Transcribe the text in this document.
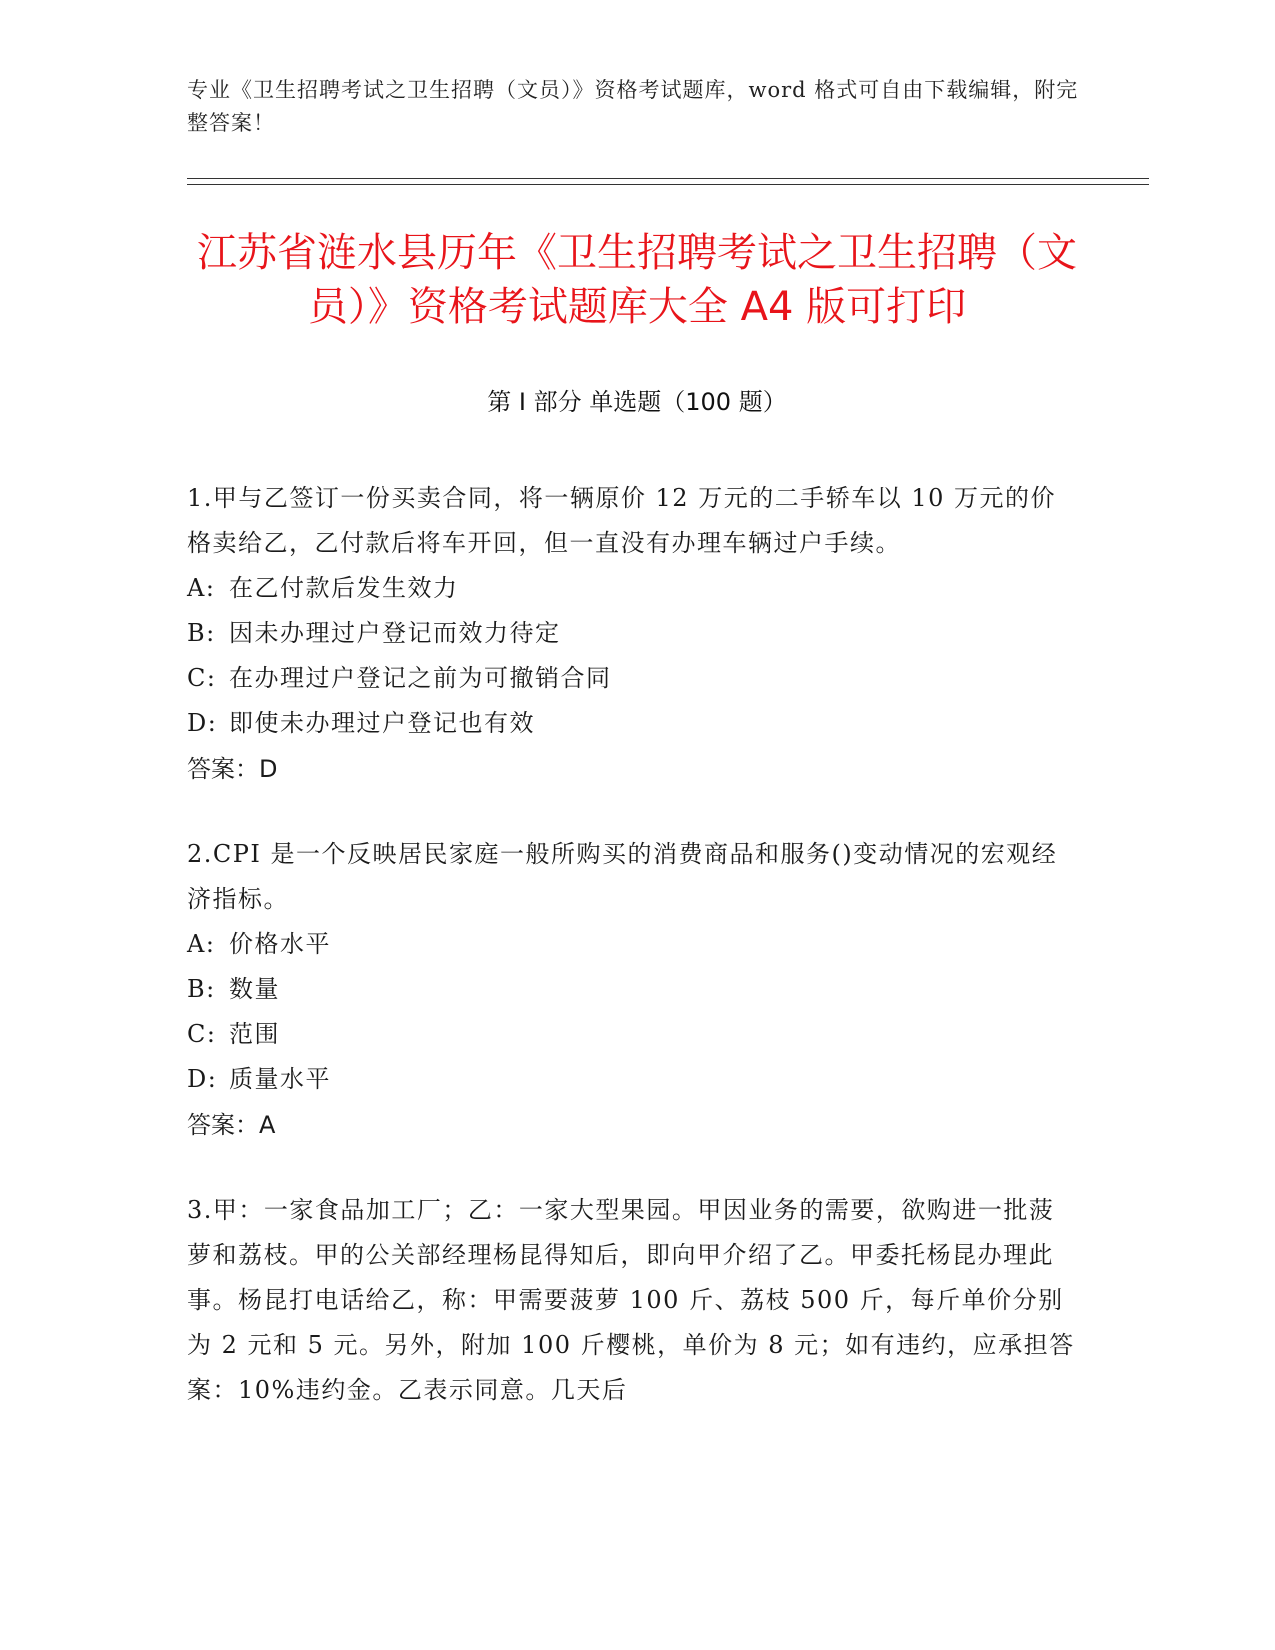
专业《卫生招聘考试之卫生招聘（文员）》资格考试题库，word 格式可自由下载编辑，附完整答案！
江苏省涟水县历年《卫生招聘考试之卫生招聘（文员）》资格考试题库大全 A4 版可打印
第 I 部分 单选题（100 题）

1.甲与乙签订一份买卖合同，将一辆原价 12 万元的二手轿车以 10 万元的价格卖给乙，乙付款后将车开回，但一直没有办理车辆过户手续。

A: 在乙付款后发生效力

B: 因未办理过户登记而效力待定

C: 在办理过户登记之前为可撤销合同

D: 即使未办理过户登记也有效

答案：D

2.CPI 是一个反映居民家庭一般所购买的消费商品和服务()变动情况的宏观经济指标。

A: 价格水平

B: 数量

C: 范围

D: 质量水平

答案：A

3.甲：一家食品加工厂；乙：一家大型果园。甲因业务的需要，欲购进一批菠萝和荔枝。甲的公关部经理杨昆得知后，即向甲介绍了乙。甲委托杨昆办理此事。杨昆打电话给乙，称：甲需要菠萝 100 斤、荔枝 500 斤，每斤单价分别为 2 元和 5 元。另外，附加 100 斤樱桃，单价为 8 元；如有违约，应承担答案：10%违约金。乙表示同意。几天后
